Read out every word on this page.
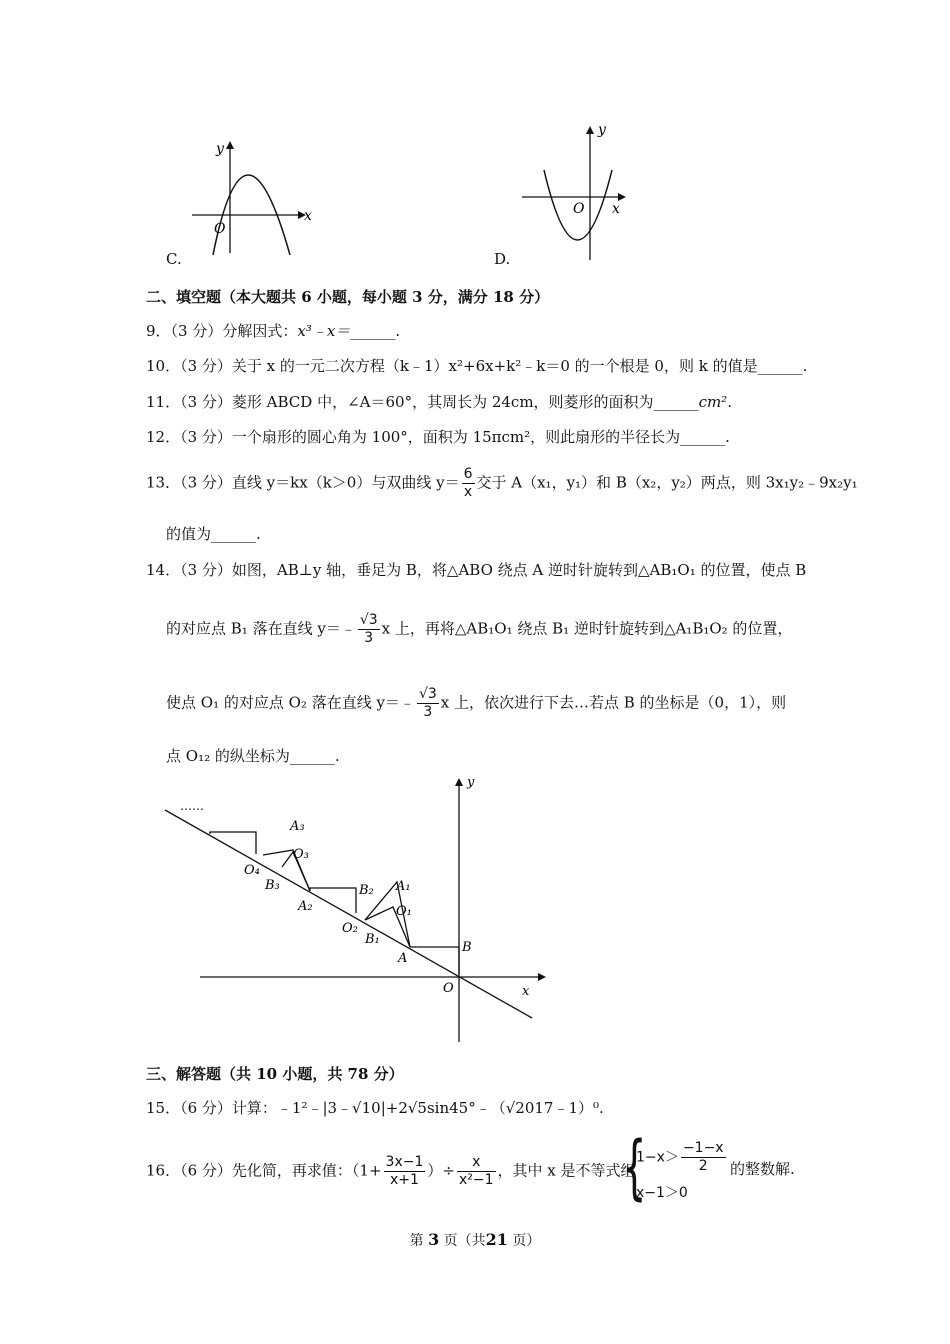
x
y
O
C.
x
y
O
D.
二、填空题（本大题共 6 小题，每小题 3 分，满分 18 分）
9．（3 分）分解因式：x³﹣x＝______.
10．（3 分）关于 x 的一元二次方程（k﹣1）x²+6x+k²﹣k＝0 的一个根是 0，则 k 的值是______.
11．（3 分）菱形 ABCD 中，∠A＝60°，其周长为 24cm，则菱形的面积为______cm².
12．（3 分）一个扇形的圆心角为 100°，面积为 15πcm²，则此扇形的半径长为______.
13．（3 分）直线 y＝kx（k＞0）与双曲线 $y= \frac{6}{x}$ 交于 A（x₁，y₁）和 B（x₂，y₂）两点，则 3x₁y₂﹣9x₂y₁
的值为______.
14．（3 分）如图，AB⊥y 轴，垂足为 B，将△ABO 绕点 A 逆时针旋转到△AB₁O₁ 的位置，使点 B
的对应点 B₁ 落在直线 y＝﹣ $\frac{√3}{3}$ x 上，再将△AB₁O₁ 绕点 B₁ 逆时针旋转到△A₁B₁O₂ 的位置，
使点 O₁ 的对应点 O₂ 落在直线 y＝﹣ $\frac{√3}{3}$ x 上，依次进行下去…若点 B 的坐标是（0，1），则
点 O₁₂ 的纵坐标为______.
A
B
O	x
y
A₁
B₁
O₁
A₂
B₂
O₂
A₃
B₃
O₃
O₄
……
三、解答题（共 10 小题，共 78 分）
15．（6 分）计算：﹣1²﹣|3﹣√10|+2√5sin45°﹣（√2017﹣1）⁰.
16．（6 分）先化简，再求值：（$1+ \frac{3x-1}{x+1}$ ）÷ $\frac{x}{\text{x²−1}}$ ，其中 x 是不等式组
{
$1-x> \frac{-1-x}{2}$
x−1＞0
的整数解.
第 3 页（共21 页）
